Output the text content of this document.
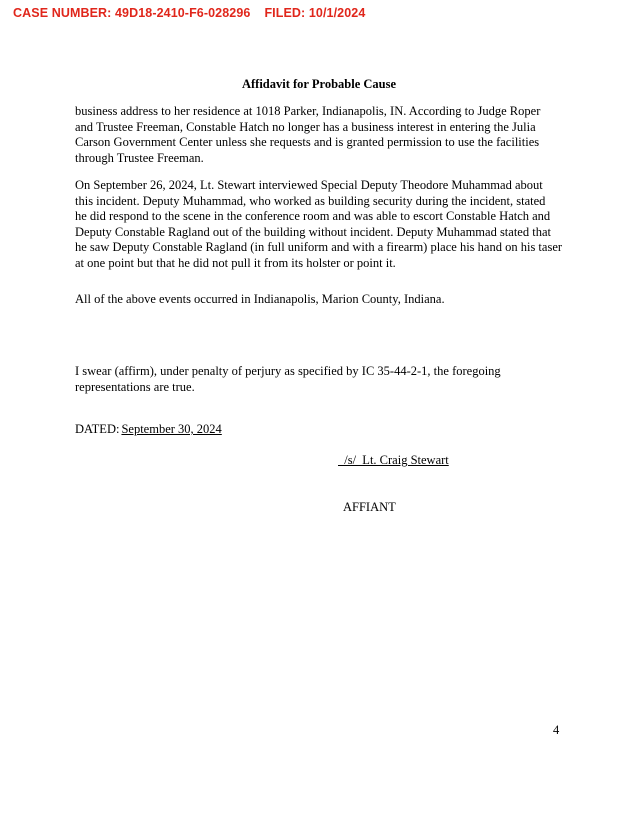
CASE NUMBER: 49D18-2410-F6-028296 FILED: 10/1/2024
Affidavit for Probable Cause

business address to her residence at 1018 Parker, Indianapolis, IN. According to Judge Roper
and Trustee Freeman, Constable Hatch no longer has a business interest in entering the Julia
Carson Government Center unless she requests and is granted permission to use the facilities
through Trustee Freeman.

On September 26, 2024, Lt. Stewart interviewed Special Deputy Theodore Muhammad about
this incident. Deputy Muhammad, who worked as building security during the incident, stated
he did respond to the scene in the conference room and was able to escort Constable Hatch and
Deputy Constable Ragland out of the building without incident. Deputy Muhammad stated that
he saw Deputy Constable Ragland (in full uniform and with a firearm) place his hand on his taser
at one point but that he did not pull it from its holster or point it.

All of the above events occurred in Indianapolis, Marion County, Indiana.

I swear (affirm), under penalty of perjury as specified by IC 35-44-2-1, the foregoing
representations are true.

DATED: September 30, 2024

/s/  Lt. Craig Stewart

AFFIANT

4
